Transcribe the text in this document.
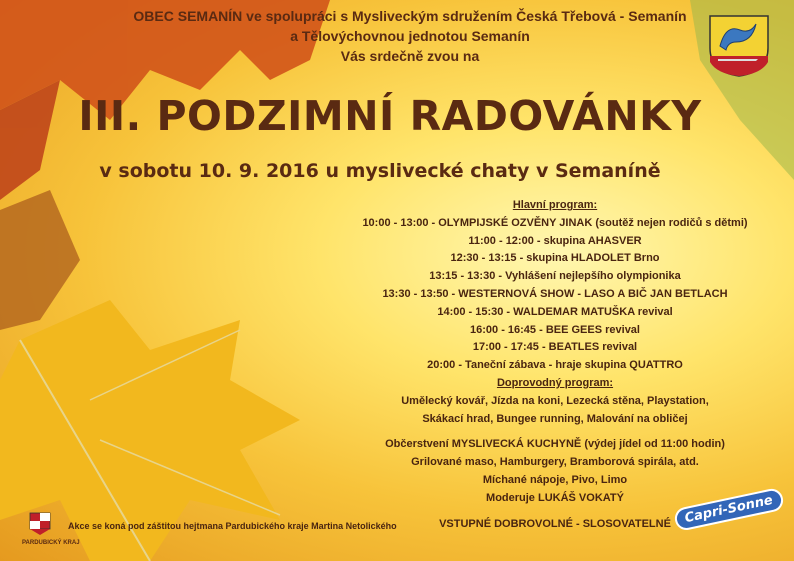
OBEC SEMANÍN ve spolupráci s Mysliveckým sdružením Česká Třebová - Semanín
a Tělovýchovnou jednotou Semanín
Vás srdečně zvou na
III. PODZIMNÍ RADOVÁNKY
v sobotu 10. 9. 2016 u myslivecké chaty v Semaníně
Hlavní program:
10:00 - 13:00 - OLYMPIJSKÉ OZVĚNY JINAK (soutěž nejen rodičů s dětmi)
11:00 - 12:00 - skupina AHASVER
12:30 - 13:15 - skupina HLADOLET Brno
13:15 - 13:30 - Vyhlášení nejlepšího olympionika
13:30 - 13:50 - WESTERNOVÁ SHOW - LASO A BIČ JAN BETLACH
14:00 - 15:30 - WALDEMAR MATUŠKA revival
16:00 - 16:45 - BEE GEES revival
17:00 - 17:45 - BEATLES revival
20:00 - Taneční zábava - hraje skupina QUATTRO
Doprovodný program:
Umělecký kovář, Jízda na koni, Lezecká stěna, Playstation,
Skákací hrad, Bungee running, Malování na obličej
Občerstvení MYSLIVECKÁ KUCHYNĚ (výdej jídel od 11:00 hodin)
Grilované maso, Hamburgery, Bramborová spirála, atd.
Míchané nápoje, Pivo, Limo
Moderuje LUKÁŠ VOKATÝ
VSTUPNÉ DOBROVOLNÉ - SLOSOVATELNÉ
PARDUBICKÝ KRAJ
Akce se koná pod záštitou hejtmana Pardubického kraje Martina Netolického	Capri-Sonne
